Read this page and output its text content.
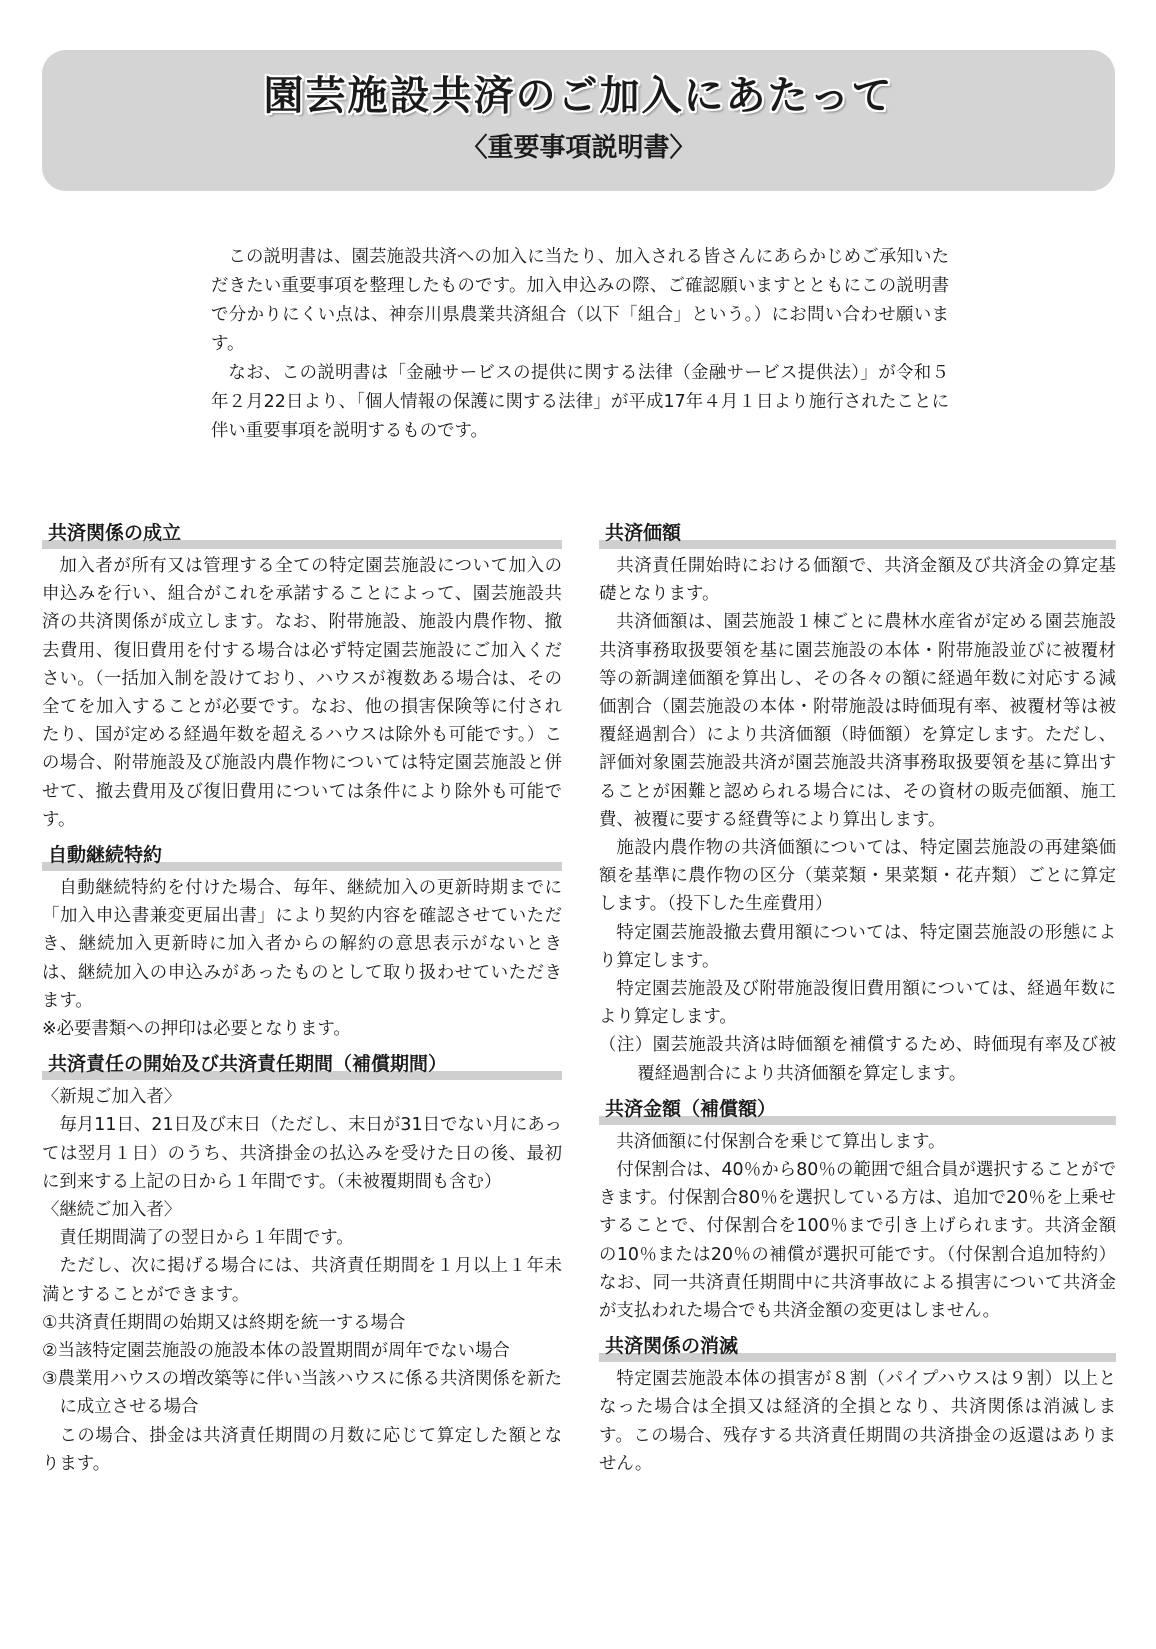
園芸施設共済のご加入にあたって
〈重要事項説明書〉

この説明書は、園芸施設共済への加入に当たり、加入される皆さんにあらかじめご承知いただきたい重要事項を整理したものです。加入申込みの際、ご確認願いますとともにこの説明書で分かりにくい点は、神奈川県農業共済組合（以下「組合」という。）にお問い合わせ願います。

なお、この説明書は「金融サービスの提供に関する法律（金融サービス提供法）」が令和５年２月22日より、「個人情報の保護に関する法律」が平成17年４月１日より施行されたことに伴い重要事項を説明するものです。

共済関係の成立

加入者が所有又は管理する全ての特定園芸施設について加入の申込みを行い、組合がこれを承諾することによって、園芸施設共済の共済関係が成立します。なお、附帯施設、施設内農作物、撤去費用、復旧費用を付する場合は必ず特定園芸施設にご加入ください。（一括加入制を設けており、ハウスが複数ある場合は、その全てを加入することが必要です。なお、他の損害保険等に付されたり、国が定める経過年数を超えるハウスは除外も可能です。）この場合、附帯施設及び施設内農作物については特定園芸施設と併せて、撤去費用及び復旧費用については条件により除外も可能です。

自動継続特約

自動継続特約を付けた場合、毎年、継続加入の更新時期までに「加入申込書兼変更届出書」により契約内容を確認させていただき、継続加入更新時に加入者からの解約の意思表示がないときは、継続加入の申込みがあったものとして取り扱わせていただきます。

※必要書類への押印は必要となります。

共済責任の開始及び共済責任期間（補償期間）

〈新規ご加入者〉

毎月11日、21日及び末日（ただし、末日が31日でない月にあっては翌月１日）のうち、共済掛金の払込みを受けた日の後、最初に到来する上記の日から１年間です。（未被覆期間も含む）

〈継続ご加入者〉

責任期間満了の翌日から１年間です。

ただし、次に掲げる場合には、共済責任期間を１月以上１年未満とすることができます。

①共済責任期間の始期又は終期を統一する場合

②当該特定園芸施設の施設本体の設置期間が周年でない場合

③農業用ハウスの増改築等に伴い当該ハウスに係る共済関係を新たに成立させる場合

この場合、掛金は共済責任期間の月数に応じて算定した額となります。

共済価額

共済責任開始時における価額で、共済金額及び共済金の算定基礎となります。

共済価額は、園芸施設１棟ごとに農林水産省が定める園芸施設共済事務取扱要領を基に園芸施設の本体・附帯施設並びに被覆材等の新調達価額を算出し、その各々の額に経過年数に対応する減価割合（園芸施設の本体・附帯施設は時価現有率、被覆材等は被覆経過割合）により共済価額（時価額）を算定します。ただし、評価対象園芸施設共済が園芸施設共済事務取扱要領を基に算出することが困難と認められる場合には、その資材の販売価額、施工費、被覆に要する経費等により算出します。

施設内農作物の共済価額については、特定園芸施設の再建築価額を基準に農作物の区分（葉菜類・果菜類・花卉類）ごとに算定します。（投下した生産費用）

特定園芸施設撤去費用額については、特定園芸施設の形態により算定します。

特定園芸施設及び附帯施設復旧費用額については、経過年数により算定します。

（注）園芸施設共済は時価額を補償するため、時価現有率及び被覆経過割合により共済価額を算定します。

共済金額（補償額）

共済価額に付保割合を乗じて算出します。

付保割合は、40％から80％の範囲で組合員が選択することができます。付保割合80％を選択している方は、追加で20％を上乗せすることで、付保割合を100％まで引き上げられます。共済金額の10％または20％の補償が選択可能です。（付保割合追加特約）なお、同一共済責任期間中に共済事故による損害について共済金が支払われた場合でも共済金額の変更はしません。

共済関係の消滅

特定園芸施設本体の損害が８割（パイプハウスは９割）以上となった場合は全損又は経済的全損となり、共済関係は消滅します。この場合、残存する共済責任期間の共済掛金の返還はありません。
